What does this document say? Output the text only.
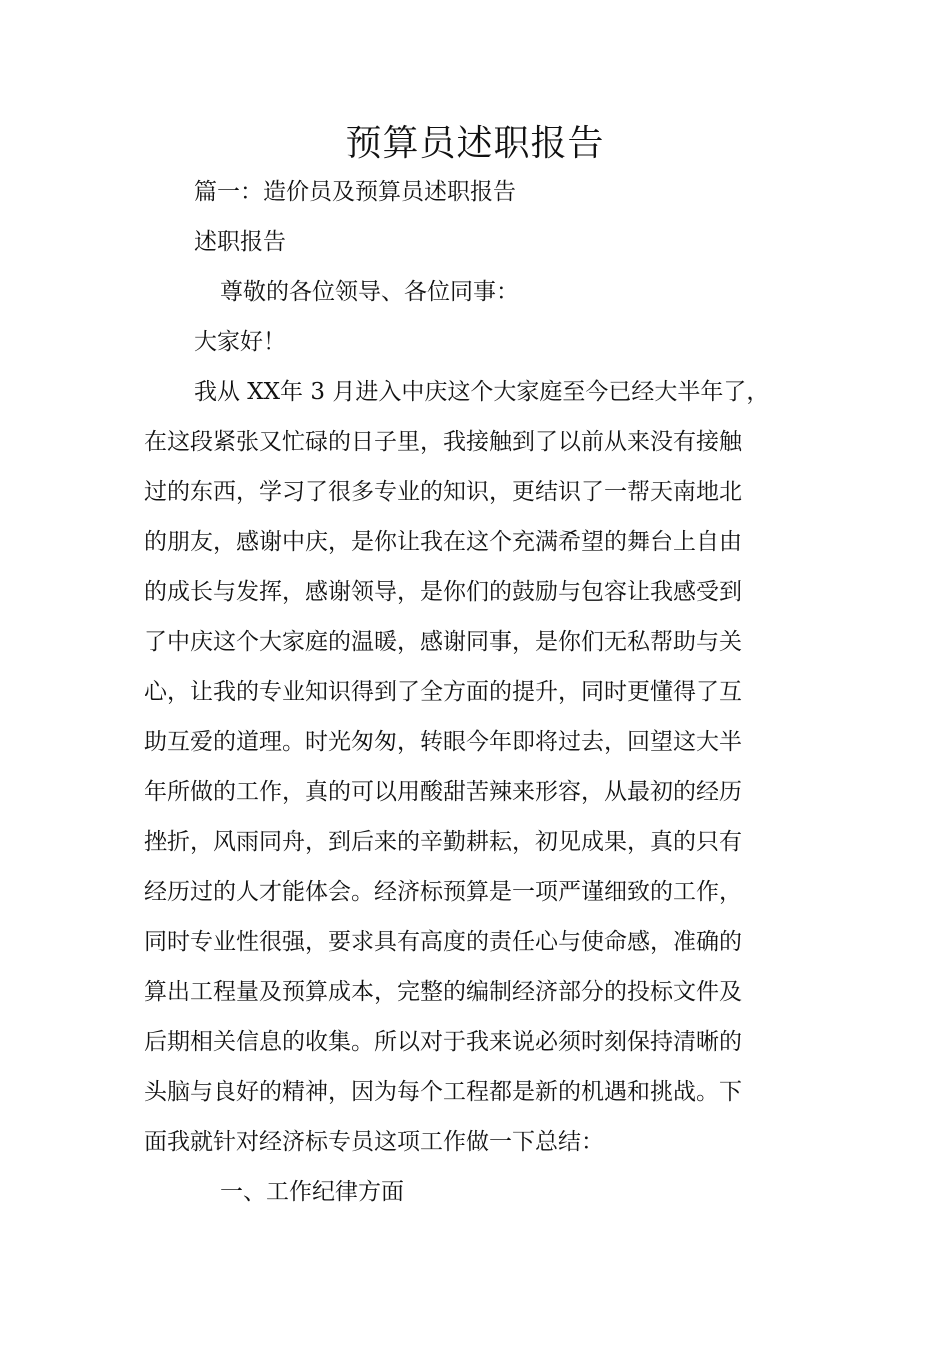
预算员述职报告
篇一：造价员及预算员述职报告
述职报告
尊敬的各位领导、各位同事：
大家好！
我从 XX年 3 月进入中庆这个大家庭至今已经大半年了，
在这段紧张又忙碌的日子里，我接触到了以前从来没有接触
过的东西，学习了很多专业的知识，更结识了一帮天南地北
的朋友，感谢中庆，是你让我在这个充满希望的舞台上自由
的成长与发挥，感谢领导，是你们的鼓励与包容让我感受到
了中庆这个大家庭的温暖，感谢同事，是你们无私帮助与关
心，让我的专业知识得到了全方面的提升，同时更懂得了互
助互爱的道理。时光匆匆，转眼今年即将过去，回望这大半
年所做的工作，真的可以用酸甜苦辣来形容，从最初的经历
挫折，风雨同舟，到后来的辛勤耕耘，初见成果，真的只有
经历过的人才能体会。经济标预算是一项严谨细致的工作，
同时专业性很强，要求具有高度的责任心与使命感，准确的
算出工程量及预算成本，完整的编制经济部分的投标文件及
后期相关信息的收集。所以对于我来说必须时刻保持清晰的
头脑与良好的精神，因为每个工程都是新的机遇和挑战。下
面我就针对经济标专员这项工作做一下总结：
一、工作纪律方面
